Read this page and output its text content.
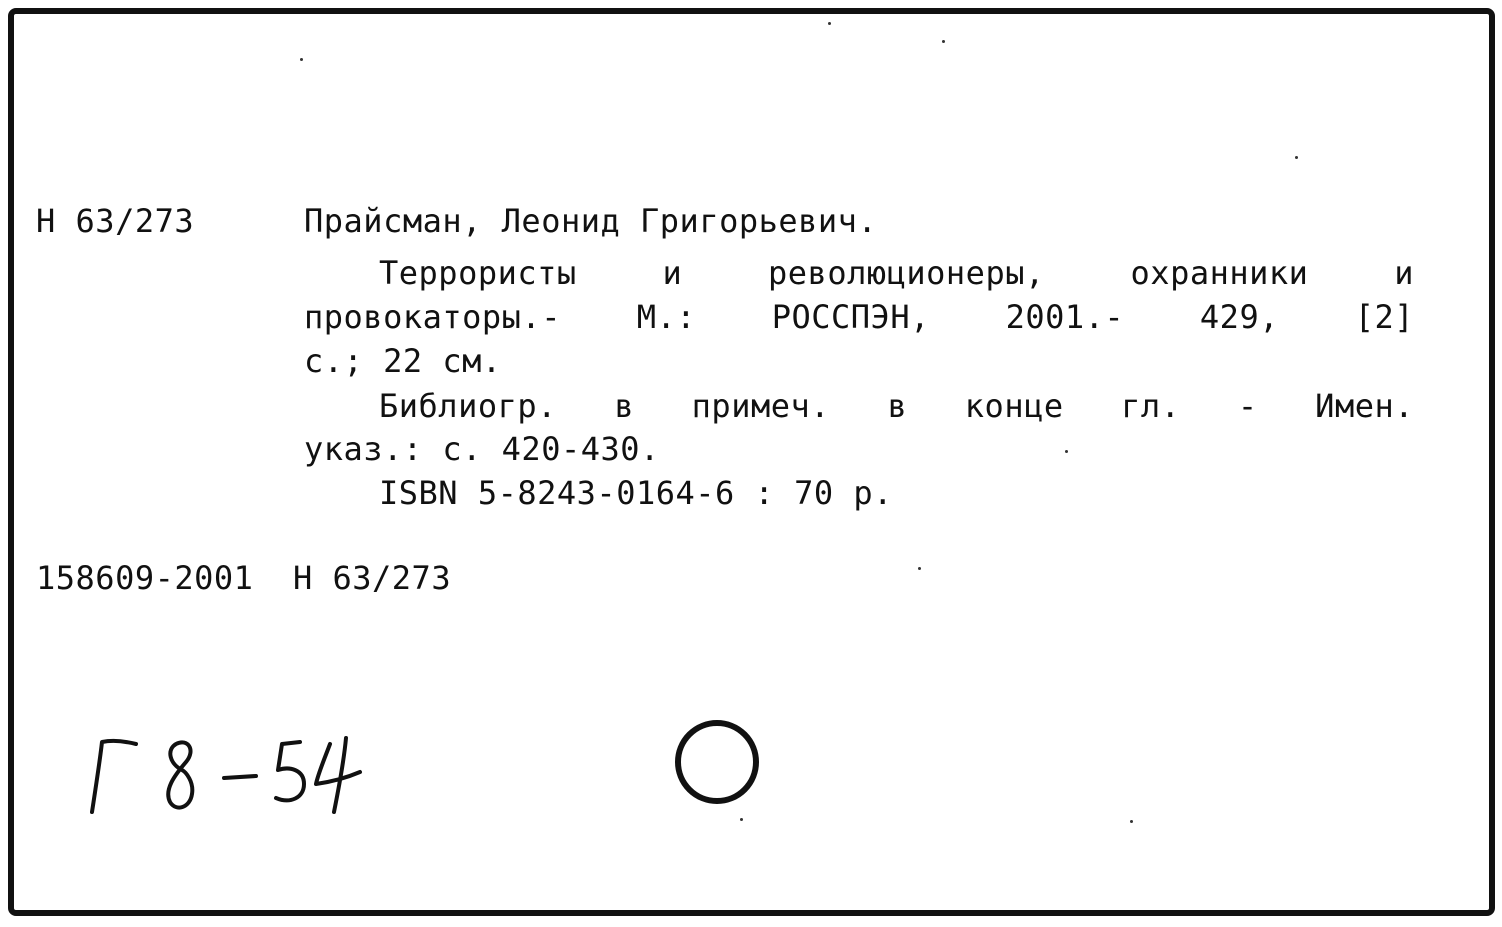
Н 63/273	Прайсман, Леонид Григорьевич.
Террористы и революционеры, охранники и
провокаторы.- М.: РОССПЭН, 2001.- 429, [2]
с.; 22 см.
Библиогр. в примеч. в конце гл. - Имен.
указ.: с. 420-430.
ISBN 5-8243-0164-6 : 70 р.
158609-2001  Н 63/273
